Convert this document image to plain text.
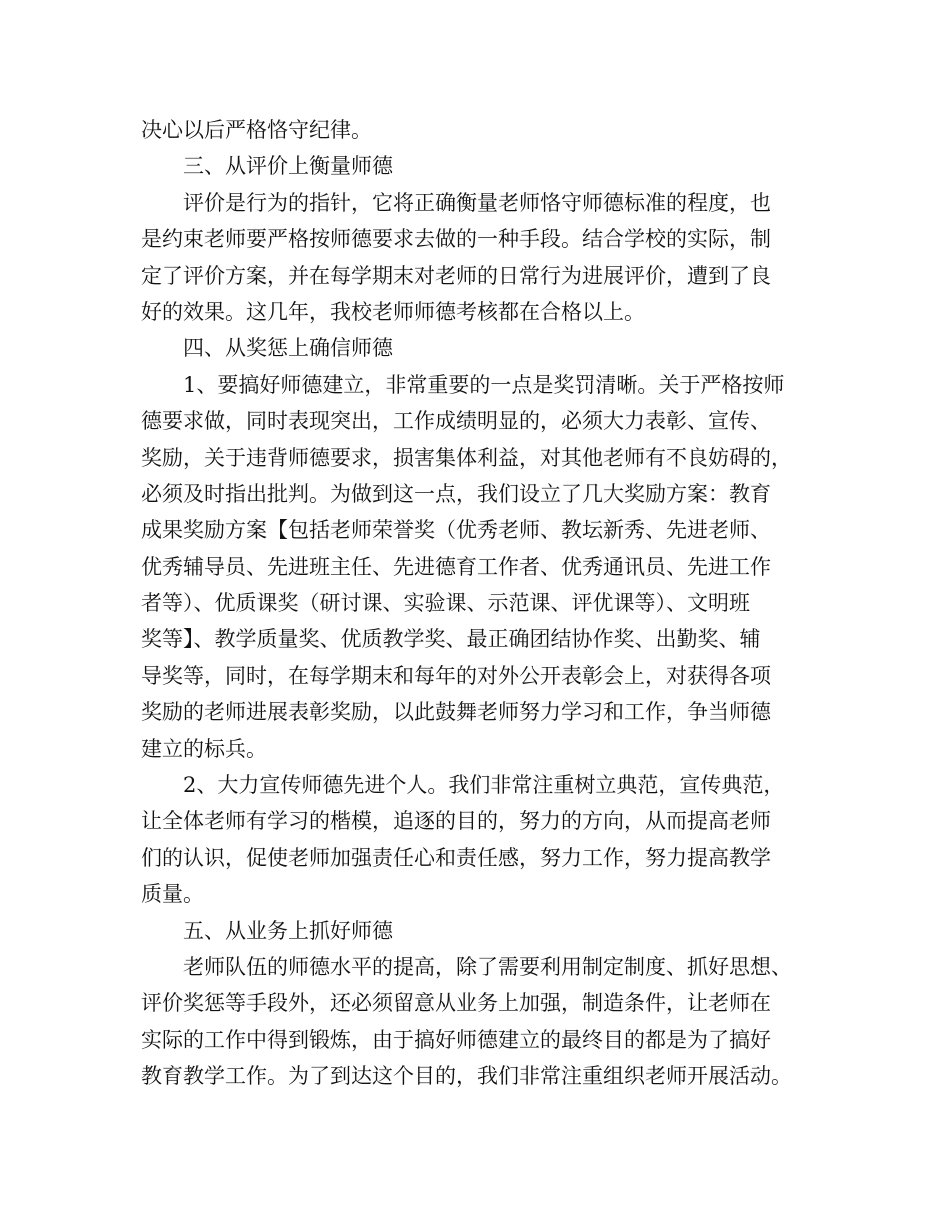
决心以后严格恪守纪律。
三、从评价上衡量师德
评价是行为的指针，它将正确衡量老师恪守师德标准的程度，也
是约束老师要严格按师德要求去做的一种手段。结合学校的实际，制
定了评价方案，并在每学期末对老师的日常行为进展评价，遭到了良
好的效果。这几年，我校老师师德考核都在合格以上。
四、从奖惩上确信师德
1、要搞好师德建立，非常重要的一点是奖罚清晰。关于严格按师
德要求做，同时表现突出，工作成绩明显的，必须大力表彰、宣传、
奖励，关于违背师德要求，损害集体利益，对其他老师有不良妨碍的，
必须及时指出批判。为做到这一点，我们设立了几大奖励方案：教育
成果奖励方案【包括老师荣誉奖（优秀老师、教坛新秀、先进老师、
优秀辅导员、先进班主任、先进德育工作者、优秀通讯员、先进工作
者等）、优质课奖（研讨课、实验课、示范课、评优课等）、文明班
奖等】、教学质量奖、优质教学奖、最正确团结协作奖、出勤奖、辅
导奖等，同时，在每学期末和每年的对外公开表彰会上，对获得各项
奖励的老师进展表彰奖励，以此鼓舞老师努力学习和工作，争当师德
建立的标兵。
2、大力宣传师德先进个人。我们非常注重树立典范，宣传典范，
让全体老师有学习的楷模，追逐的目的，努力的方向，从而提高老师
们的认识，促使老师加强责任心和责任感，努力工作，努力提高教学
质量。
五、从业务上抓好师德
老师队伍的师德水平的提高，除了需要利用制定制度、抓好思想、
评价奖惩等手段外，还必须留意从业务上加强，制造条件，让老师在
实际的工作中得到锻炼，由于搞好师德建立的最终目的都是为了搞好
教育教学工作。为了到达这个目的，我们非常注重组织老师开展活动。
